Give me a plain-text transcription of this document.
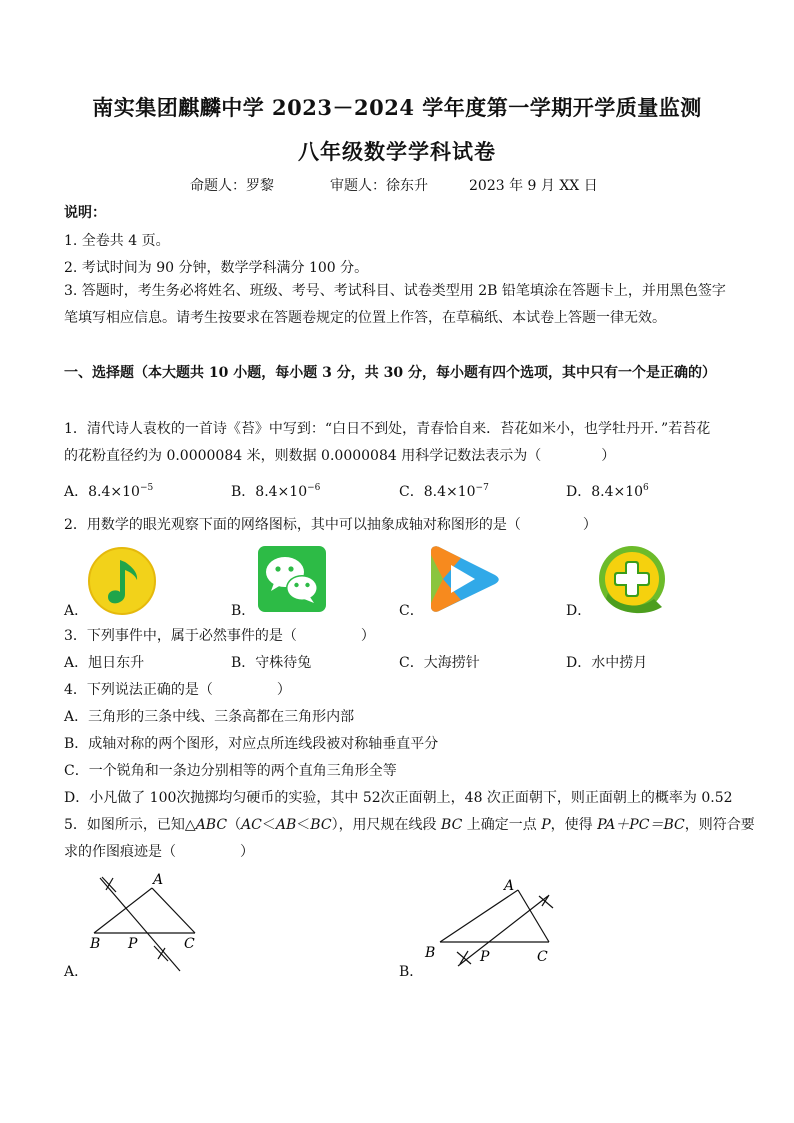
南实集团麒麟中学 2023－2024 学年度第一学期开学质量监测
八年级数学学科试卷
命题人：罗黎	审题人：徐东升	2023 年 9 月 XX 日
说明：
1. 全卷共 4 页。
2. 考试时间为 90 分钟，数学学科满分 100 分。
3. 答题时，考生务必将姓名、班级、考号、考试科目、试卷类型用 2B 铅笔填涂在答题卡上，并用黑色签字笔填写相应信息。请考生按要求在答题卷规定的位置上作答，在草稿纸、本试卷上答题一律无效。
一、选择题（本大题共 10 小题，每小题 3 分，共 30 分，每小题有四个选项，其中只有一个是正确的）
1．清代诗人袁枚的一首诗《苔》中写到：“白日不到处，青春恰自来．苔花如米小，也学牡丹开．”若苔花
的花粉直径约为 0.0000084 米，则数据 0.0000084 用科学记数法表示为（	）
A．$8.4\times 10^{-5}$	B．$8.4\times 10^{-6}$	C．$8.4\times 10^{-7}$	D．$8.4\times 10^6$
2．用数学的眼光观察下面的网络图标，其中可以抽象成轴对称图形的是（	）
A．	B．	C．	D．
3．下列事件中，属于必然事件的是（	）
A．旭日东升	B．守株待兔	C．大海捞针	D．水中捞月
4．下列说法正确的是（	）
A．三角形的三条中线、三条高都在三角形内部
B．成轴对称的两个图形，对应点所连线段被对称轴垂直平分
C．一个锐角和一条边分别相等的两个直角三角形全等
D．小凡做了 100次抛掷均匀硬币的实验，其中 52次正面朝上，48 次正面朝下，则正面朝上的概率为 0.52
5．如图所示，已知△ABC（AC＜AB＜BC），用尺规在线段 BC 上确定一点 P，使得 PA＋PC＝BC，则符合要
求的作图痕迹是（	）
A
B	C
P
A．
A
B	C
P
B．
